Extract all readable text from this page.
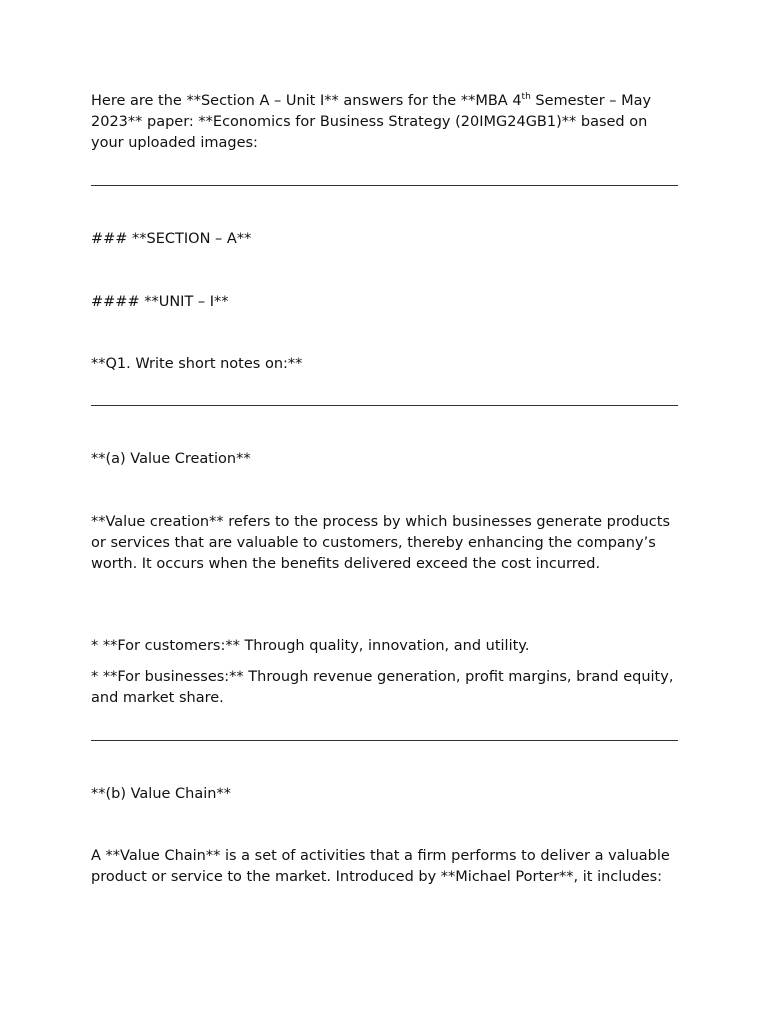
Here are the **Section A – Unit I** answers for the **MBA 4th Semester – May 2023** paper: **Economics for Business Strategy (20IMG24GB1)** based on your uploaded images:

### **SECTION – A**

#### **UNIT – I**

**Q1. Write short notes on:**

**(a) Value Creation**

**Value creation** refers to the process by which businesses generate products or services that are valuable to customers, thereby enhancing the company’s worth. It occurs when the benefits delivered exceed the cost incurred.

* **For customers:** Through quality, innovation, and utility.

* **For businesses:** Through revenue generation, profit margins, brand equity, and market share.

**(b) Value Chain**

A **Value Chain** is a set of activities that a firm performs to deliver a valuable product or service to the market. Introduced by **Michael Porter**, it includes:
